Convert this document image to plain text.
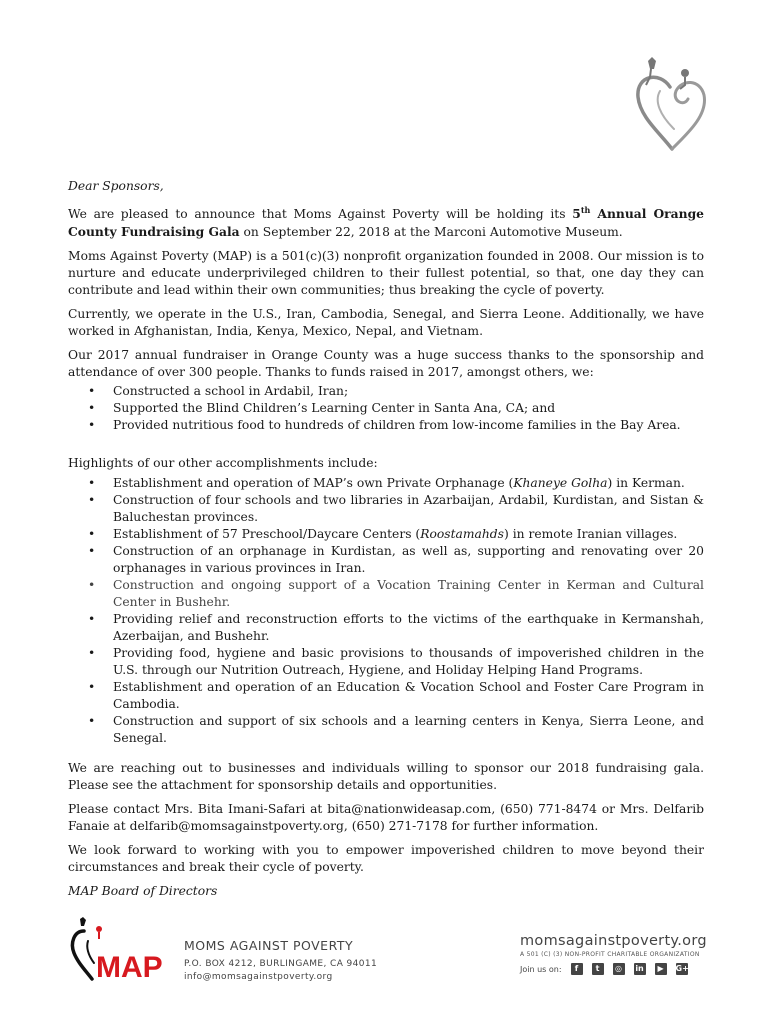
Dear Sponsors,

We are pleased to announce that Moms Against Poverty will be holding its 5th Annual Orange County Fundraising Gala on September 22, 2018 at the Marconi Automotive Museum.

Moms Against Poverty (MAP) is a 501(c)(3) nonprofit organization founded in 2008. Our mission is to nurture and educate underprivileged children to their fullest potential, so that, one day they can contribute and lead within their own communities; thus breaking the cycle of poverty.

Currently, we operate in the U.S., Iran, Cambodia, Senegal, and Sierra Leone. Additionally, we have worked in Afghanistan, India, Kenya, Mexico, Nepal, and Vietnam.

Our 2017 annual fundraiser in Orange County was a huge success thanks to the sponsorship and attendance of over 300 people. Thanks to funds raised in 2017, amongst others, we:

• Constructed a school in Ardabil, Iran;
• Supported the Blind Children’s Learning Center in Santa Ana, CA; and
• Provided nutritious food to hundreds of children from low-income families in the Bay Area.

Highlights of our other accomplishments include:

• Establishment and operation of MAP’s own Private Orphanage (Khaneye Golha) in Kerman.
• Construction of four schools and two libraries in Azarbaijan, Ardabil, Kurdistan, and Sistan & Baluchestan provinces.
• Establishment of 57 Preschool/Daycare Centers (Roostamahds) in remote Iranian villages.
• Construction of an orphanage in Kurdistan, as well as, supporting and renovating over 20 orphanages in various provinces in Iran.
• Construction and ongoing support of a Vocation Training Center in Kerman and Cultural Center in Bushehr.
• Providing relief and reconstruction efforts to the victims of the earthquake in Kermanshah, Azerbaijan, and Bushehr.
• Providing food, hygiene and basic provisions to thousands of impoverished children in the U.S. through our Nutrition Outreach, Hygiene, and Holiday Helping Hand Programs.
• Establishment and operation of an Education & Vocation School and Foster Care Program in Cambodia.
• Construction and support of six schools and a learning centers in Kenya, Sierra Leone, and Senegal.

We are reaching out to businesses and individuals willing to sponsor our 2018 fundraising gala. Please see the attachment for sponsorship details and opportunities.

Please contact Mrs. Bita Imani-Safari at bita@nationwideasap.com, (650) 771-8474 or Mrs. Delfarib Fanaie at delfarib@momsagainstpoverty.org, (650) 271-7178 for further information.

We look forward to working with you to empower impoverished children to move beyond their circumstances and break their cycle of poverty.

MAP Board of Directors

MAP
MOMS AGAINST POVERTY
P.O. BOX 4212, BURLINGAME, CA 94011
info@momsagainstpoverty.org
momsagainstpoverty.org
A 501 (C) (3) NON-PROFIT CHARITABLE ORGANIZATION
Join us on:	f	t	◎	in	▶	G+
